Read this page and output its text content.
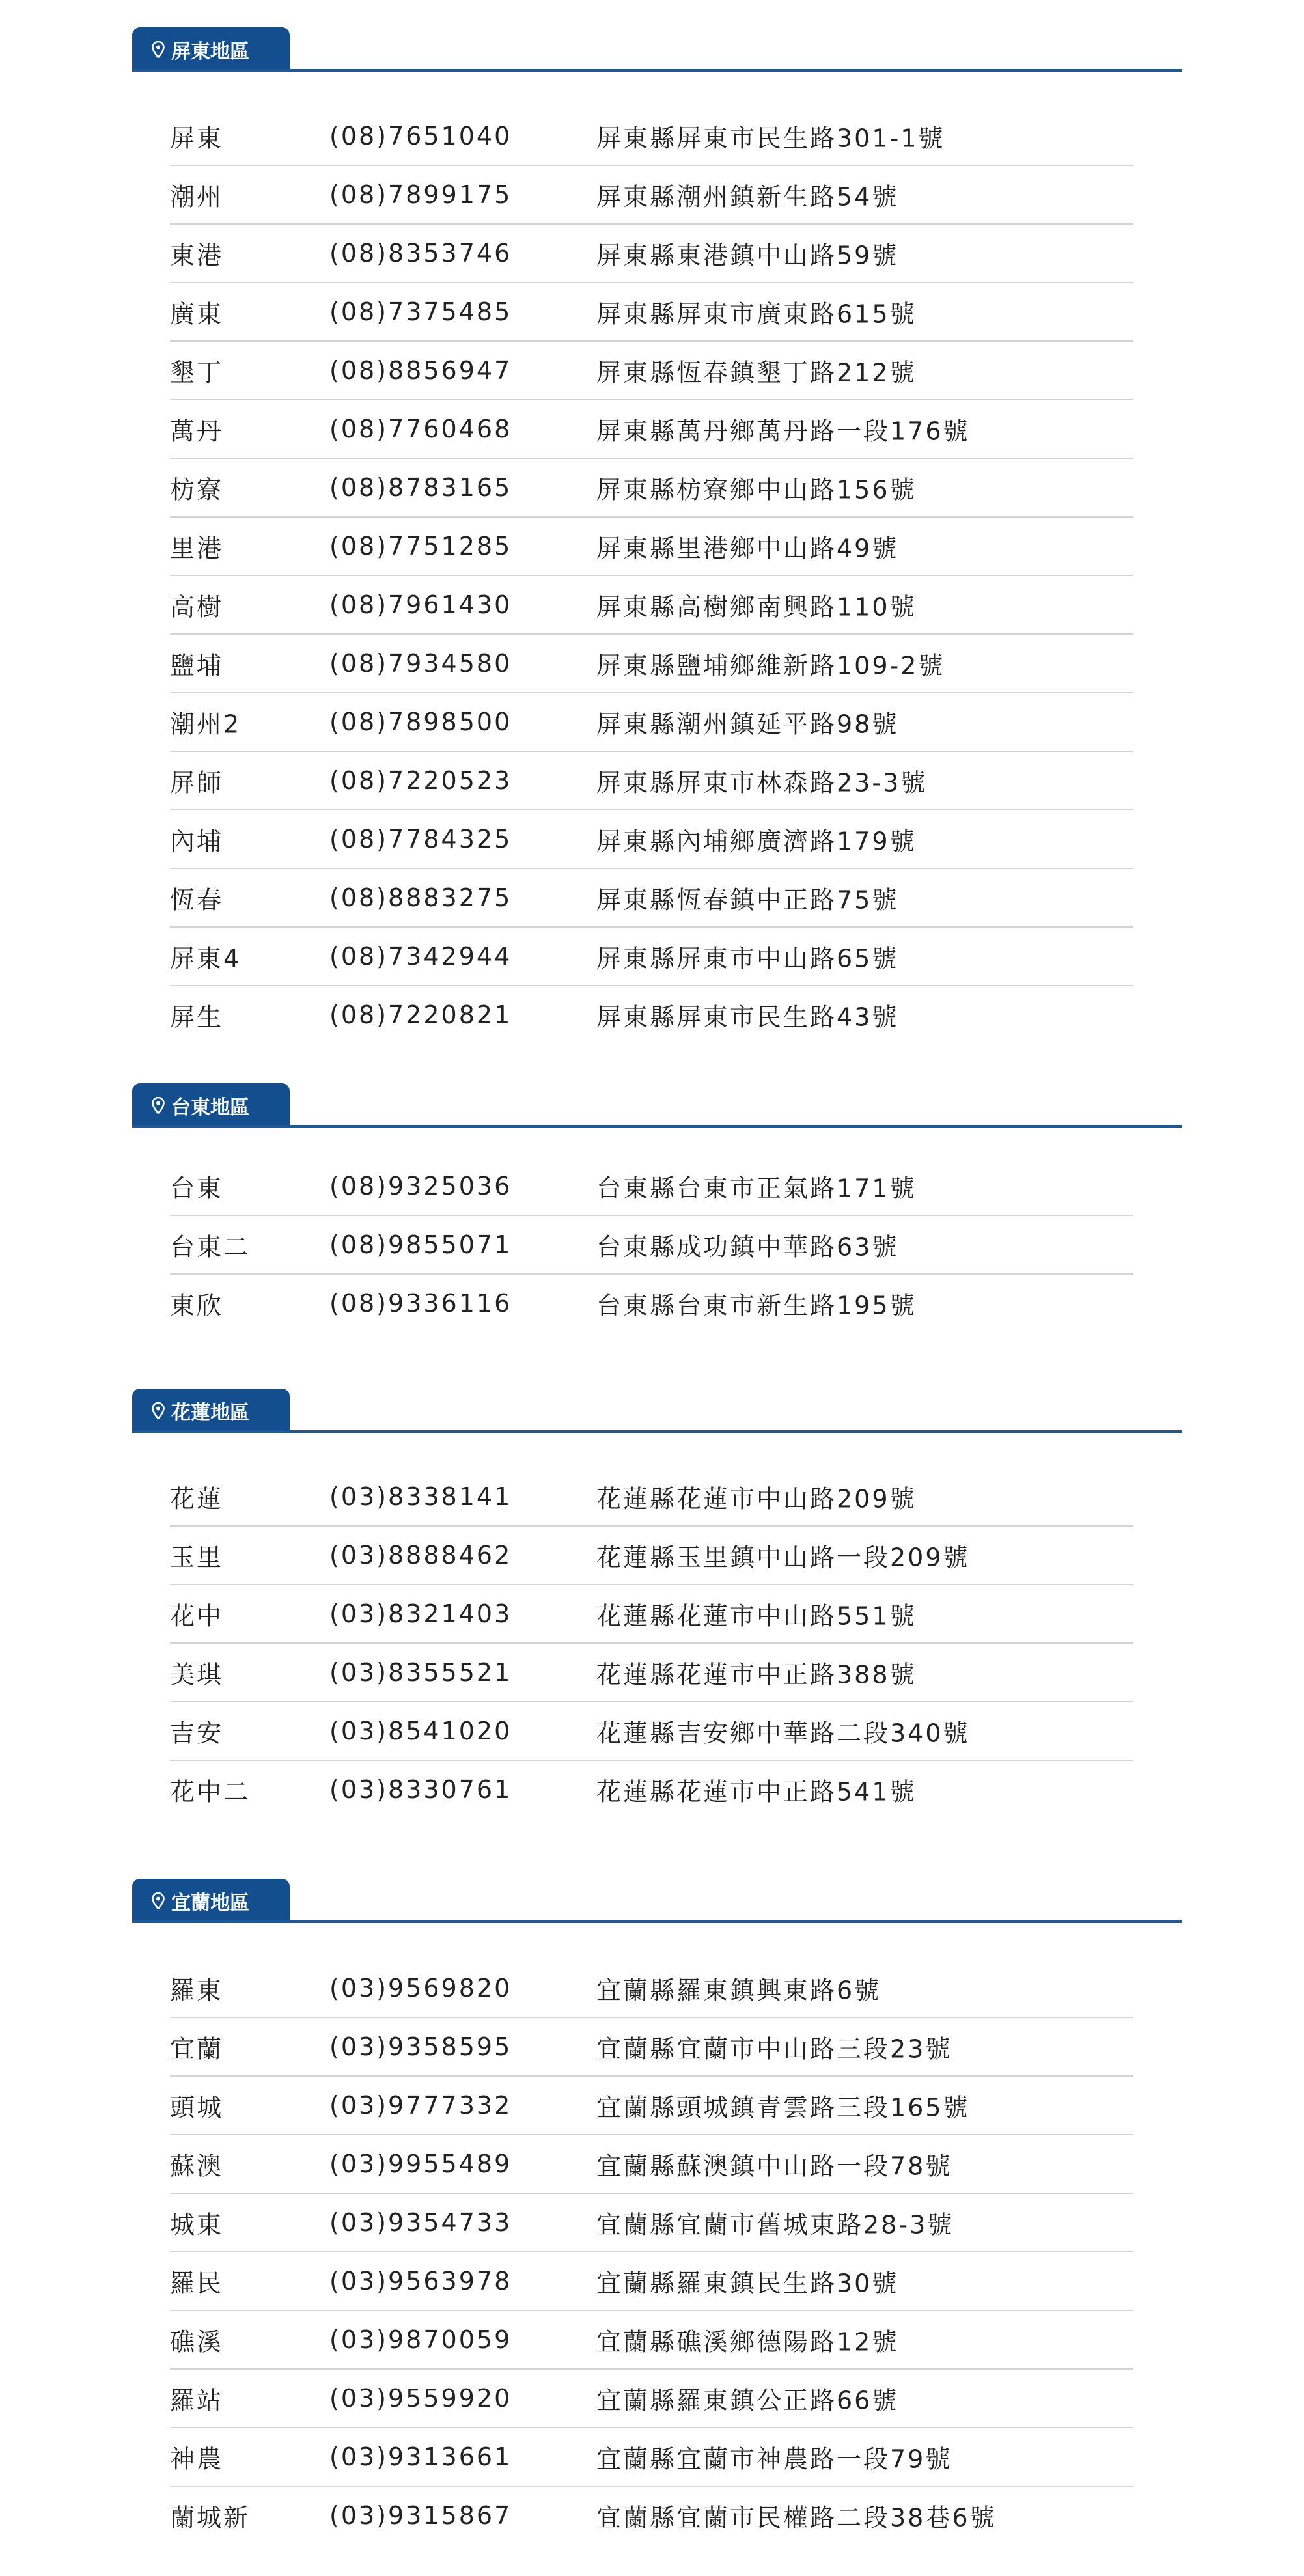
屏東地區
屏東	(08)7651040	屏東縣屏東市民生路301-1號
潮州	(08)7899175	屏東縣潮州鎮新生路54號
東港	(08)8353746	屏東縣東港鎮中山路59號
廣東	(08)7375485	屏東縣屏東市廣東路615號
墾丁	(08)8856947	屏東縣恆春鎮墾丁路212號
萬丹	(08)7760468	屏東縣萬丹鄉萬丹路一段176號
枋寮	(08)8783165	屏東縣枋寮鄉中山路156號
里港	(08)7751285	屏東縣里港鄉中山路49號
高樹	(08)7961430	屏東縣高樹鄉南興路110號
鹽埔	(08)7934580	屏東縣鹽埔鄉維新路109-2號
潮州2	(08)7898500	屏東縣潮州鎮延平路98號
屏師	(08)7220523	屏東縣屏東市林森路23-3號
內埔	(08)7784325	屏東縣內埔鄉廣濟路179號
恆春	(08)8883275	屏東縣恆春鎮中正路75號
屏東4	(08)7342944	屏東縣屏東市中山路65號
屏生	(08)7220821	屏東縣屏東市民生路43號
台東地區
台東	(08)9325036	台東縣台東市正氣路171號
台東二	(08)9855071	台東縣成功鎮中華路63號
東欣	(08)9336116	台東縣台東市新生路195號
花蓮地區
花蓮	(03)8338141	花蓮縣花蓮市中山路209號
玉里	(03)8888462	花蓮縣玉里鎮中山路一段209號
花中	(03)8321403	花蓮縣花蓮市中山路551號
美琪	(03)8355521	花蓮縣花蓮市中正路388號
吉安	(03)8541020	花蓮縣吉安鄉中華路二段340號
花中二	(03)8330761	花蓮縣花蓮市中正路541號
宜蘭地區
羅東	(03)9569820	宜蘭縣羅東鎮興東路6號
宜蘭	(03)9358595	宜蘭縣宜蘭市中山路三段23號
頭城	(03)9777332	宜蘭縣頭城鎮青雲路三段165號
蘇澳	(03)9955489	宜蘭縣蘇澳鎮中山路一段78號
城東	(03)9354733	宜蘭縣宜蘭市舊城東路28-3號
羅民	(03)9563978	宜蘭縣羅東鎮民生路30號
礁溪	(03)9870059	宜蘭縣礁溪鄉德陽路12號
羅站	(03)9559920	宜蘭縣羅東鎮公正路66號
神農	(03)9313661	宜蘭縣宜蘭市神農路一段79號
蘭城新	(03)9315867	宜蘭縣宜蘭市民權路二段38巷6號
